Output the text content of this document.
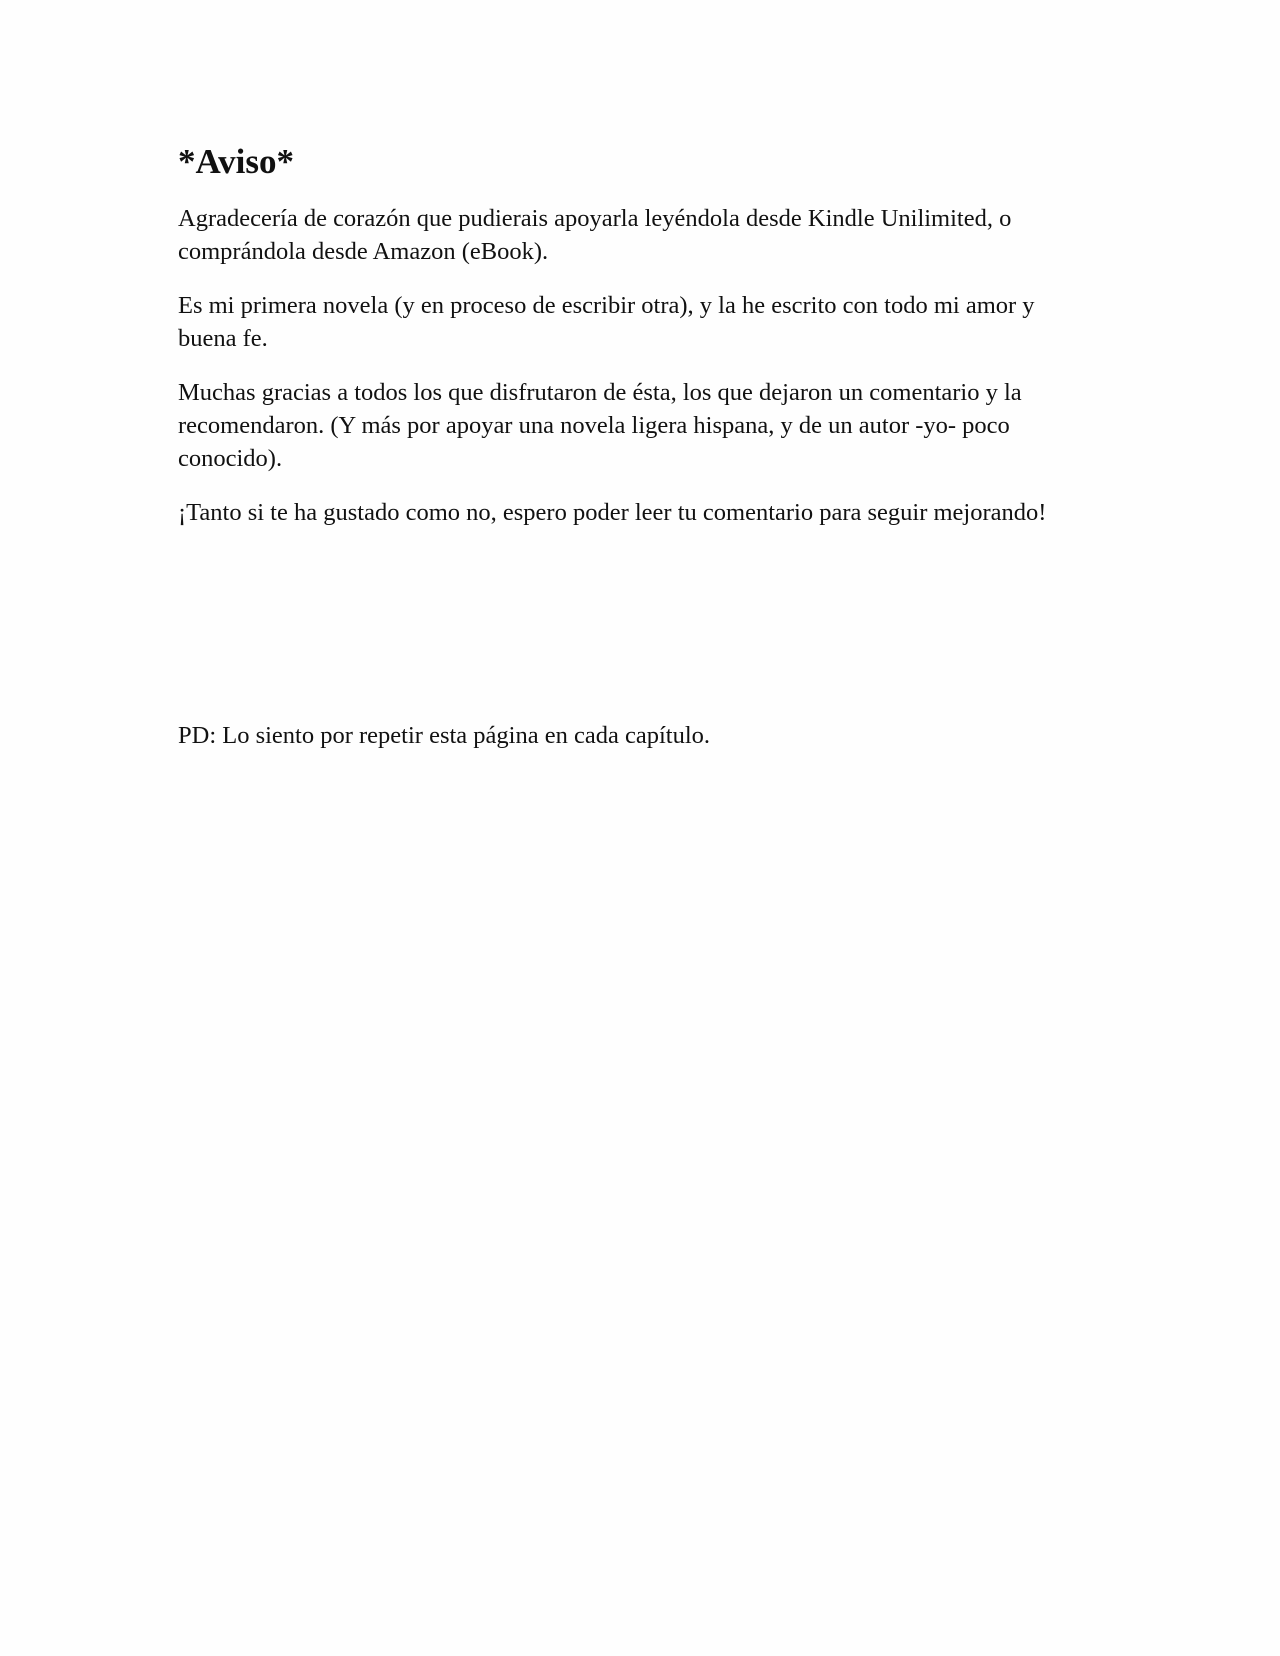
*Aviso*

Agradecería de corazón que pudierais apoyarla leyéndola desde Kindle Unilimited, o comprándola desde Amazon (eBook).

Es mi primera novela (y en proceso de escribir otra), y la he escrito con todo mi amor y buena fe.

Muchas gracias a todos los que disfrutaron de ésta, los que dejaron un comentario y la recomendaron. (Y más por apoyar una novela ligera hispana, y de un autor -yo- poco conocido).

¡Tanto si te ha gustado como no, espero poder leer tu comentario para seguir mejorando!

PD: Lo siento por repetir esta página en cada capítulo.
